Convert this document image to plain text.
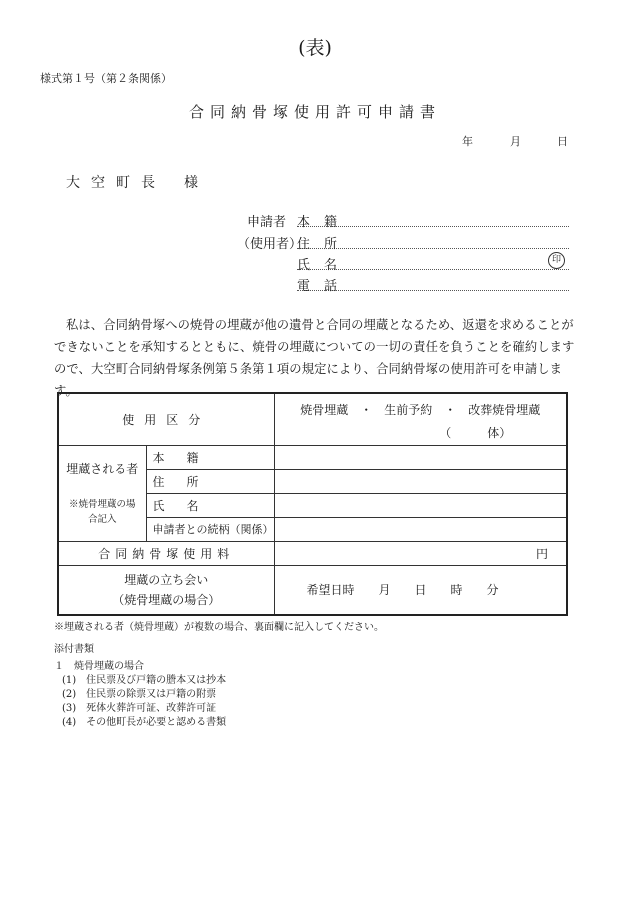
(表)
様式第１号（第２条関係）
合同納骨塚使用許可申請書
年	月	日
大空町長 様
申請者
（使用者）
本籍
住所
氏名	印
電話
私は、合同納骨塚への焼骨の埋蔵が他の遺骨と合同の埋蔵となるため、返還を求めることができないことを承知するとともに、焼骨の埋蔵についての一切の責任を負うことを確約しますので、大空町合同納骨塚条例第５条第１項の規定により、合同納骨塚の使用許可を申請します。
使用区分		焼骨埋蔵　・　生前予約　・　改葬焼骨埋蔵
（　　　体）

埋蔵される者
※焼骨埋蔵の場合記入	本籍	
	住所	
	氏名	
	申請者との続柄（関係）	
合同納骨塚使用料		円

埋蔵の立ち会い
（焼骨埋蔵の場合）		希望日時　　月　　日　　時　　分
※埋蔵される者（焼骨埋蔵）が複数の場合、裏面欄に記入してください。
添付書類
１　焼骨埋蔵の場合
(1)　住民票及び戸籍の謄本又は抄本
(2)　住民票の除票又は戸籍の附票
(3)　死体火葬許可証、改葬許可証
(4)　その他町長が必要と認める書類
